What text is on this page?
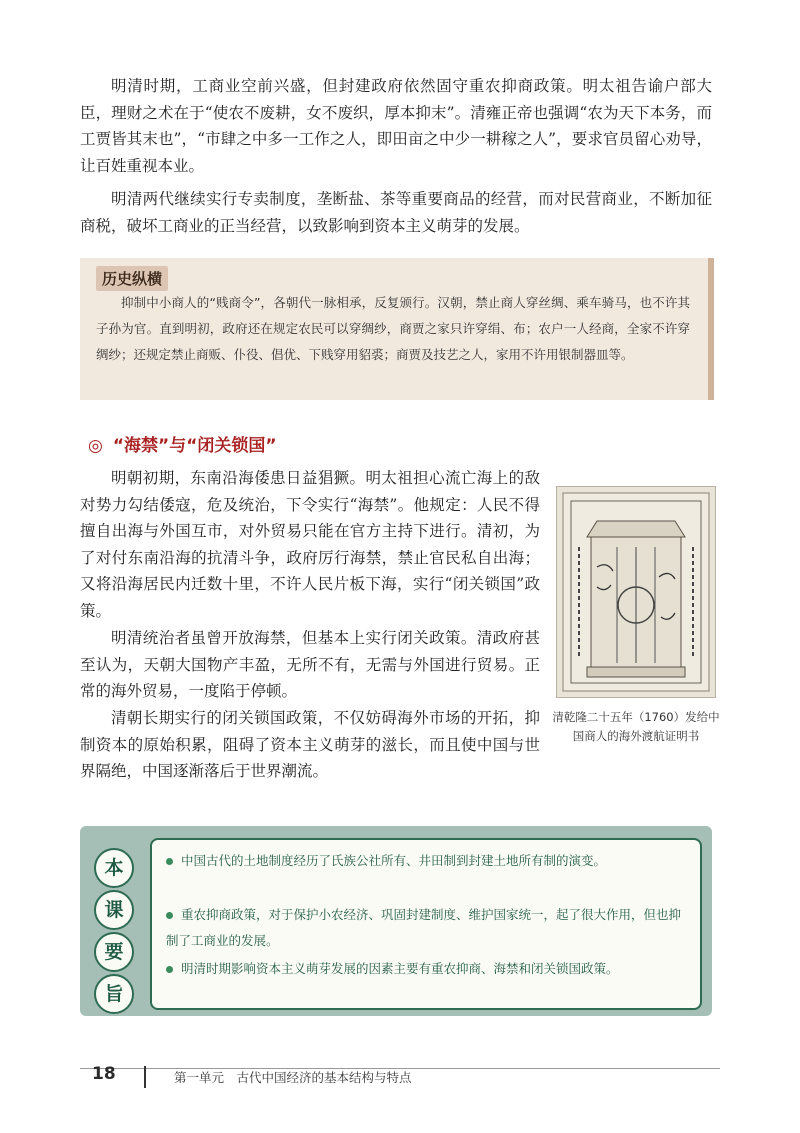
明清时期，工商业空前兴盛，但封建政府依然固守重农抑商政策。明太祖告谕户部大臣，理财之术在于“使农不废耕，女不废织，厚本抑末”。清雍正帝也强调“农为天下本务，而工贾皆其末也”，“市肆之中多一工作之人，即田亩之中少一耕稼之人”，要求官员留心劝导，让百姓重视本业。

明清两代继续实行专卖制度，垄断盐、茶等重要商品的经营，而对民营商业，不断加征商税，破坏工商业的正当经营，以致影响到资本主义萌芽的发展。

历史纵横

抑制中小商人的“贱商令”，各朝代一脉相承，反复颁行。汉朝，禁止商人穿丝绸、乘车骑马，也不许其子孙为官。直到明初，政府还在规定农民可以穿绸纱，商贾之家只许穿绢、布；农户一人经商，全家不许穿绸纱；还规定禁止商贩、仆役、倡优、下贱穿用貂裘；商贾及技艺之人，家用不许用银制器皿等。

◎ “海禁”与“闭关锁国”

明朝初期，东南沿海倭患日益猖獗。明太祖担心流亡海上的敌对势力勾结倭寇，危及统治，下令实行“海禁”。他规定：人民不得擅自出海与外国互市，对外贸易只能在官方主持下进行。清初，为了对付东南沿海的抗清斗争，政府厉行海禁，禁止官民私自出海；又将沿海居民内迁数十里，不许人民片板下海，实行“闭关锁国”政策。

明清统治者虽曾开放海禁，但基本上实行闭关政策。清政府甚至认为，天朝大国物产丰盈，无所不有，无需与外国进行贸易。正常的海外贸易，一度陷于停顿。

清朝长期实行的闭关锁国政策，不仅妨碍海外市场的开拓，抑制资本的原始积累，阻碍了资本主义萌芽的滋长，而且使中国与世界隔绝，中国逐渐落后于世界潮流。

清乾隆二十五年（1760）发给中国商人的海外渡航证明书
本
课
要
旨

中国古代的土地制度经历了氏族公社所有、井田制到封建土地所有制的演变。

重农抑商政策，对于保护小农经济、巩固封建制度、维护国家统一，起了很大作用，但也抑制了工商业的发展。

明清时期影响资本主义萌芽发展的因素主要有重农抑商、海禁和闭关锁国政策。

18	第一单元　古代中国经济的基本结构与特点
